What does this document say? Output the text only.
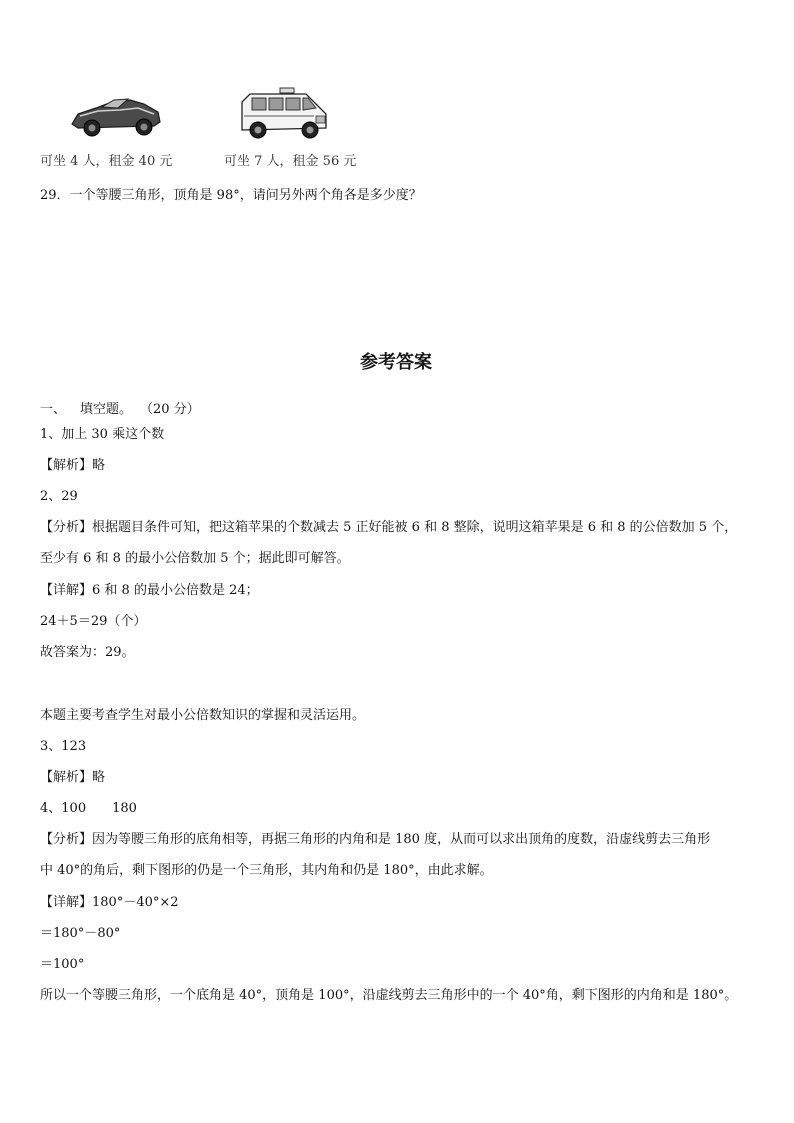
可坐 4 人，租金 40 元	可坐 7 人，租金 56 元
29．一个等腰三角形，顶角是 98°，请问另外两个角各是多少度？
参考答案
一、 填空题。 （20 分）
1、加上 30 乘这个数
【解析】略
2、29
【分析】根据题目条件可知，把这箱苹果的个数减去 5 正好能被 6 和 8 整除，说明这箱苹果是 6 和 8 的公倍数加 5 个，
至少有 6 和 8 的最小公倍数加 5 个；据此即可解答。
【详解】6 和 8 的最小公倍数是 24；
24＋5＝29（个）
故答案为：29。
本题主要考查学生对最小公倍数知识的掌握和灵活运用。
3、123
【解析】略
4、100　　180
【分析】因为等腰三角形的底角相等，再据三角形的内角和是 180 度，从而可以求出顶角的度数，沿虚线剪去三角形
中 40°的角后，剩下图形的仍是一个三角形，其内角和仍是 180°，由此求解。
【详解】180°－40°×2
＝180°－80°
＝100°
所以一个等腰三角形，一个底角是 40°，顶角是 100°，沿虚线剪去三角形中的一个 40°角，剩下图形的内角和是 180°。
